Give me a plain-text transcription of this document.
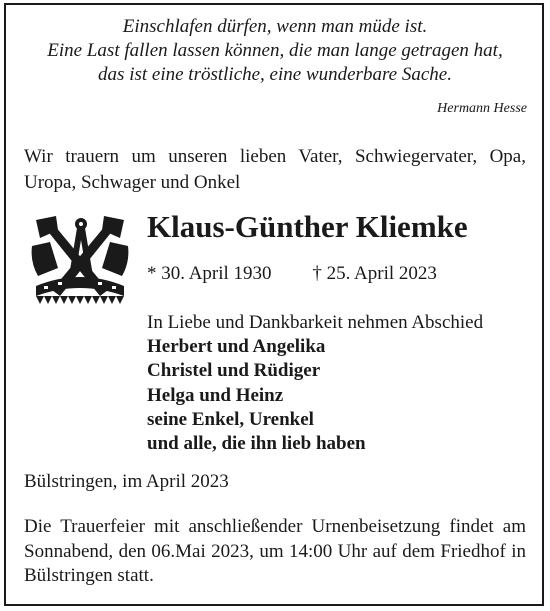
Einschlafen dürfen, wenn man müde ist.
Eine Last fallen lassen können, die man lange getragen hat,
das ist eine tröstliche, eine wunderbare Sache.
Hermann Hesse
Wir trauern um unseren lieben Vater, Schwiegervater, Opa, Uropa, Schwager und Onkel
Klaus-Günther Kliemke
* 30. April 1930 † 25. April 2023
In Liebe und Dankbarkeit nehmen Abschied
Herbert und Angelika
Christel und Rüdiger
Helga und Heinz
seine Enkel, Urenkel
und alle, die ihn lieb haben
Bülstringen, im April 2023
Die Trauerfeier mit anschließender Urnenbeisetzung findet am Sonnabend, den 06.Mai 2023, um 14:00 Uhr auf dem Friedhof in Bülstringen statt.
